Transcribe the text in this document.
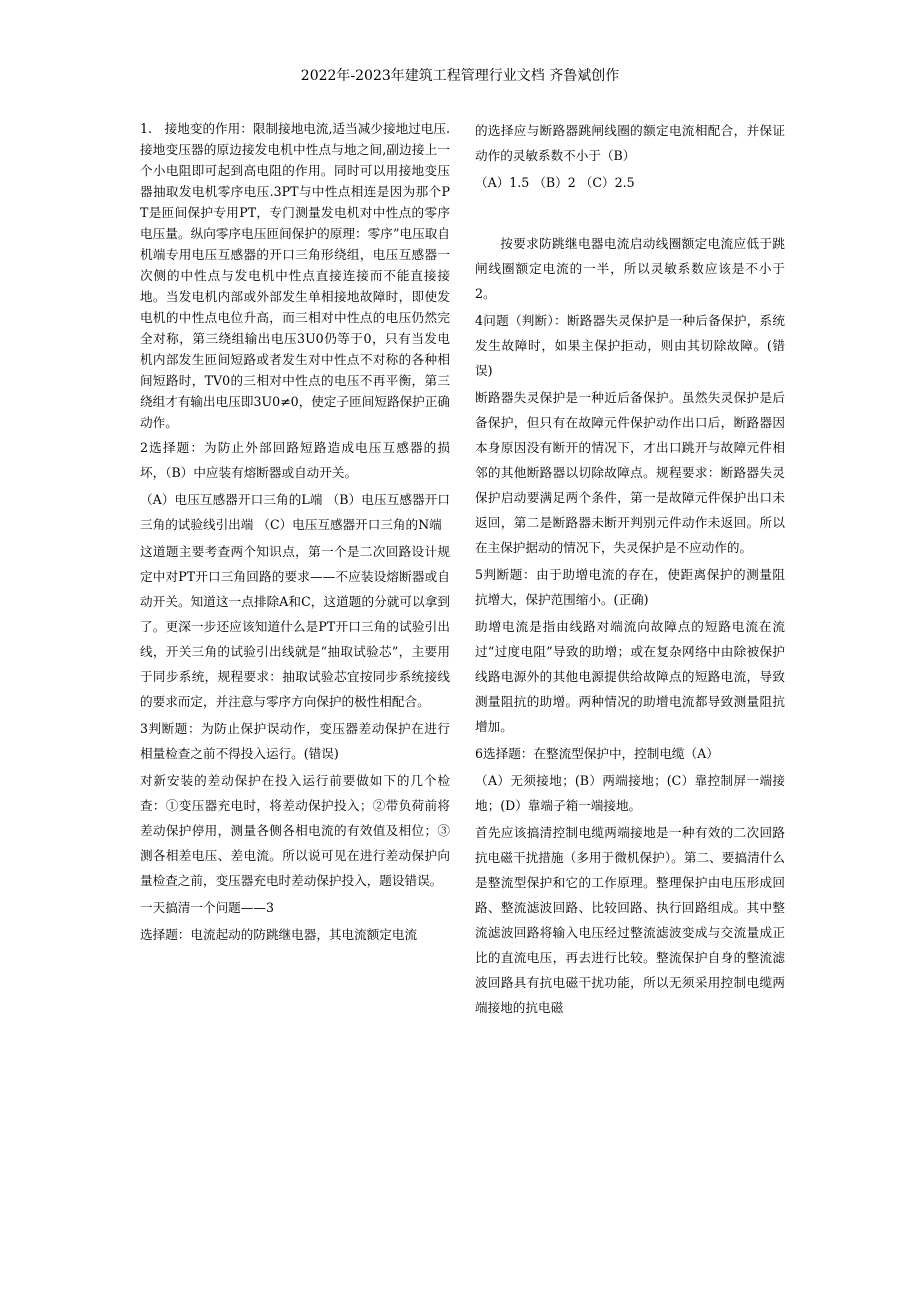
2022年-2023年建筑工程管理行业文档 齐鲁斌创作

1.　接地变的作用：限制接地电流,适当减少接地过电压.接地变压器的原边接发电机中性点与地之间,副边接上一个小电阻即可起到高电阻的作用。同时可以用接地变压器抽取发电机零序电压.3PT与中性点相连是因为那个PT是匝间保护专用PT，专门测量发电机对中性点的零序电压量。纵向零序电压匝间保护的原理：零序”电压取自机端专用电压互感器的开口三角形绕组，电压互感器一次侧的中性点与发电机中性点直接连接而不能直接接地。当发电机内部或外部发生单相接地故障时，即使发电机的中性点电位升高，而三相对中性点的电压仍然完全对称，第三绕组输出电压3U0仍等于0，只有当发电机内部发生匝间短路或者发生对中性点不对称的各种相间短路时，TV0的三相对中性点的电压不再平衡，第三绕组才有输出电压即3U0≠0，使定子匝间短路保护正确动作。

2选择题：为防止外部回路短路造成电压互感器的损坏，（B）中应装有熔断器或自动开关。

（A）电压互感器开口三角的L端 （B）电压互感器开口三角的试验线引出端 （C）电压互感器开口三角的N端

这道题主要考查两个知识点，第一个是二次回路设计规定中对PT开口三角回路的要求——不应装设熔断器或自动开关。知道这一点排除A和C，这道题的分就可以拿到了。更深一步还应该知道什么是PT开口三角的试验引出线，开关三角的试验引出线就是“抽取试验芯”，主要用于同步系统，规程要求：抽取试验芯宜按同步系统接线的要求而定，并注意与零序方向保护的极性相配合。

3判断题：为防止保护误动作，变压器差动保护在进行相量检查之前不得投入运行。(错误)

对新安装的差动保护在投入运行前要做如下的几个检查：①变压器充电时，将差动保护投入；②带负荷前将差动保护停用，测量各侧各相电流的有效值及相位；③测各相差电压、差电流。所以说可见在进行差动保护向量检查之前，变压器充电时差动保护投入，题设错误。

一天搞清一个问题——3

选择题：电流起动的防跳继电器，其电流额定电流

的选择应与断路器跳闸线圈的额定电流相配合，并保证动作的灵敏系数不小于（B）

（A）1.5 （B）2 （C）2.5

按要求防跳继电器电流启动线圈额定电流应低于跳闸线圈额定电流的一半，所以灵敏系数应该是不小于2。

4问题（判断）：断路器失灵保护是一种后备保护，系统发生故障时，如果主保护拒动，则由其切除故障。(错误)

断路器失灵保护是一种近后备保护。虽然失灵保护是后备保护，但只有在故障元件保护动作出口后，断路器因本身原因没有断开的情况下，才出口跳开与故障元件相邻的其他断路器以切除故障点。规程要求：断路器失灵保护启动要满足两个条件，第一是故障元件保护出口未返回，第二是断路器未断开判别元件动作未返回。所以在主保护据动的情况下，失灵保护是不应动作的。

5判断题：由于助增电流的存在，使距离保护的测量阻抗增大，保护范围缩小。(正确)

助增电流是指由线路对端流向故障点的短路电流在流过“过度电阻”导致的助增；或在复杂网络中由除被保护线路电源外的其他电源提供给故障点的短路电流，导致测量阻抗的助增。两种情况的助增电流都导致测量阻抗增加。

6选择题：在整流型保护中，控制电缆（A）

（A）无须接地；(B）两端接地；(C）靠控制屏一端接地；(D）靠端子箱一端接地。

首先应该搞清控制电缆两端接地是一种有效的二次回路抗电磁干扰措施（多用于微机保护）。第二、要搞清什么是整流型保护和它的工作原理。整理保护由电压形成回路、整流滤波回路、比较回路、执行回路组成。其中整流滤波回路将输入电压经过整流滤波变成与交流量成正比的直流电压，再去进行比较。整流保护自身的整流滤波回路具有抗电磁干扰功能，所以无须采用控制电缆两端接地的抗电磁
